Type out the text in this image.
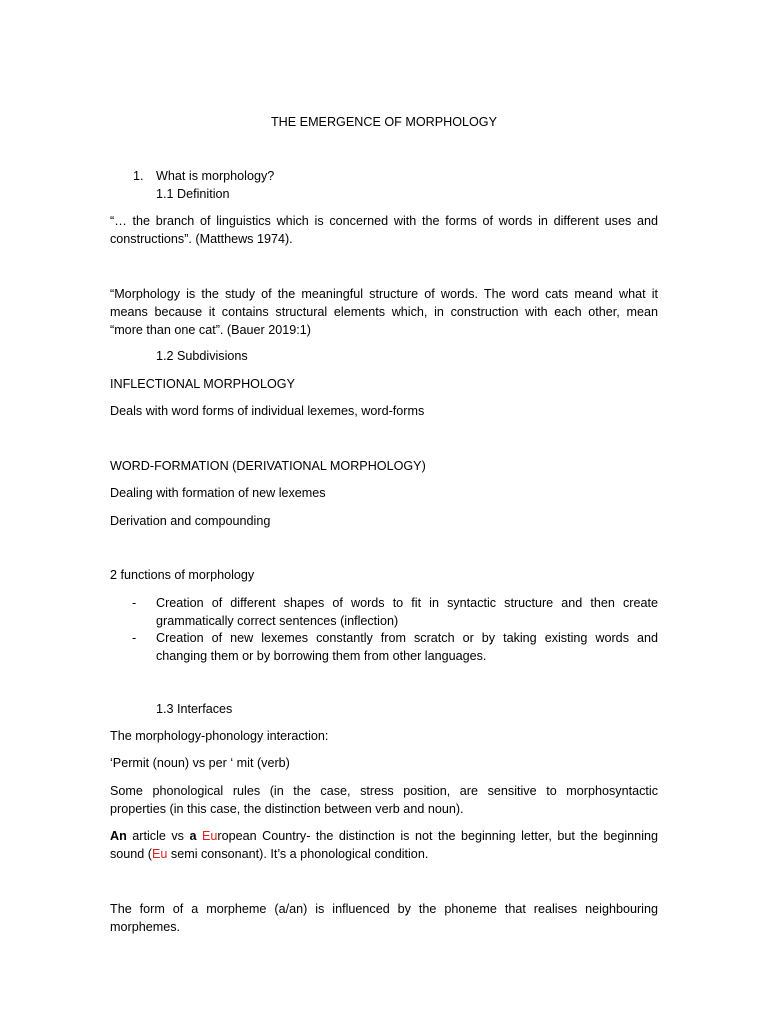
THE EMERGENCE OF MORPHOLOGY
1. What is morphology?
1.1 Definition
“… the branch of linguistics which is concerned with the forms of words in different uses and
constructions”. (Matthews 1974).
“Morphology is the study of the meaningful structure of words. The word cats meand what it
means because it contains structural elements which, in construction with each other, mean
“more than one cat”. (Bauer 2019:1)
1.2 Subdivisions
INFLECTIONAL MORPHOLOGY
Deals with word forms of individual lexemes, word-forms
WORD-FORMATION (DERIVATIONAL MORPHOLOGY)
Dealing with formation of new lexemes
Derivation and compounding
2 functions of morphology
- Creation of different shapes of words to fit in syntactic structure and then create
grammatically correct sentences (inflection)
- Creation of new lexemes constantly from scratch or by taking existing words and
changing them or by borrowing them from other languages.
1.3 Interfaces
The morphology-phonology interaction:
‘Permit (noun) vs per ‘ mit (verb)
Some phonological rules (in the case, stress position, are sensitive to morphosyntactic
properties (in this case, the distinction between verb and noun).
An article vs a European Country- the distinction is not the beginning letter, but the beginning
sound (Eu semi consonant). It’s a phonological condition.
The form of a morpheme (a/an) is influenced by the phoneme that realises neighbouring
morphemes.
